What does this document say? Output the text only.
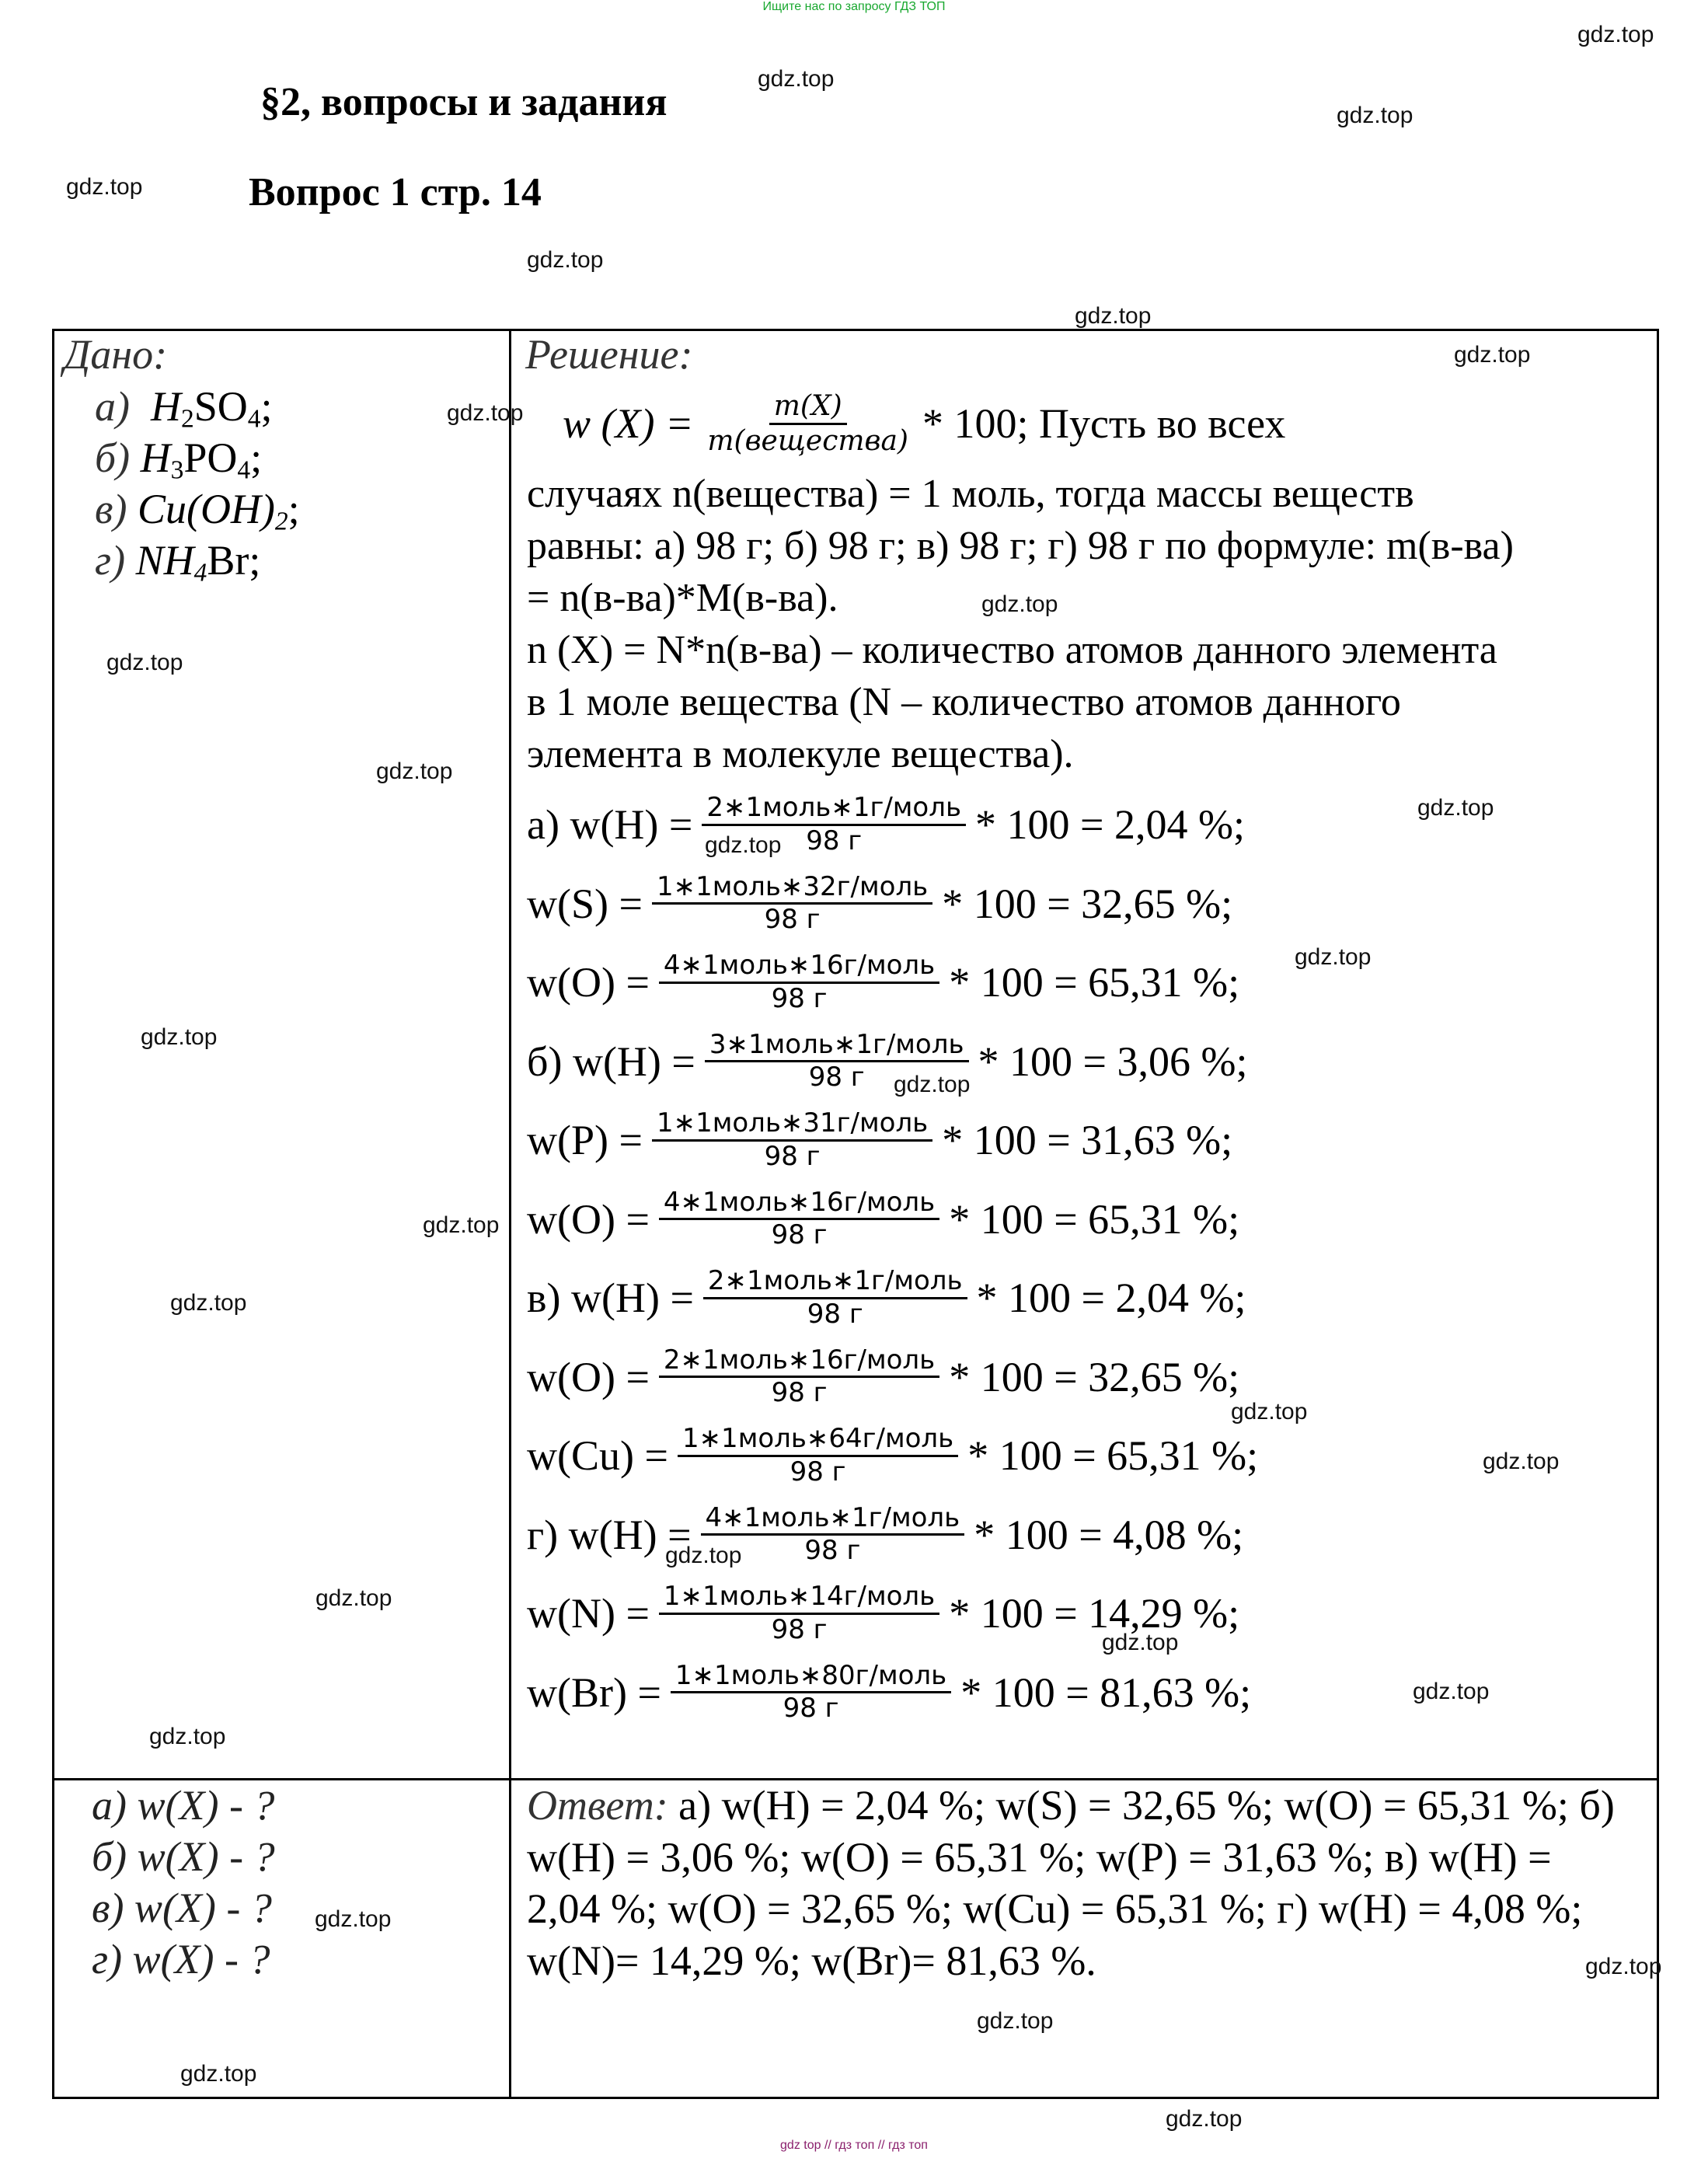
Ищите нас по запросу ГДЗ ТОП
§2, вопросы и задания
Вопрос 1 стр. 14
Дано:
а) $H_2SO_4$;
б) $H_3PO_4$;
в) $Cu(OH)_2$;
г) $NH_4Br$;
Решение:
w $(X) = \frac{m(X)}{\text{m(вещества)}} * 100$; Пусть во всех
случаях n(вещества) = 1 моль, тогда массы веществ
равны: а) 98 г; б) 98 г; в) 98 г; г) 98 г по формуле: m(в-ва)
= n(в-ва)*M(в-ва).
n (X) = N*n(в-ва) – количество атомов данного элемента
в 1 моле вещества (N – количество атомов данного
элемента в молекуле вещества).
а) $w(H) = \frac{\text{2∗1моль∗1г/моль}}{98 г} * 100 = 2,04$ %;
$w(S) = \frac{\text{1∗1моль∗32г/моль}}{98 г} * 100 = 32,65$ %;
$w(O) = \frac{\text{4∗1моль∗16г/моль}}{98 г} * 100 = 65,31$ %;
б) $w(H) = \frac{\text{3∗1моль∗1г/моль}}{98 г} * 100 = 3,06$ %;
$w(P) = \frac{\text{1∗1моль∗31г/моль}}{98 г} * 100 = 31,63$ %;
$w(O) = \frac{\text{4∗1моль∗16г/моль}}{98 г} * 100 = 65,31$ %;
в) $w(H) = \frac{\text{2∗1моль∗1г/моль}}{98 г} * 100 = 2,04$ %;
$w(O) = \frac{\text{2∗1моль∗16г/моль}}{98 г} * 100 = 32,65$ %;
$w(Cu) = \frac{\text{1∗1моль∗64г/моль}}{98 г} * 100 = 65,31$ %;
г) $w(H) = \frac{\text{4∗1моль∗1г/моль}}{98 г} * 100 = 4,08$ %;
$w(N) = \frac{\text{1∗1моль∗14г/моль}}{98 г} * 100 = 14,29$ %;
$w(Br) = \frac{\text{1∗1моль∗80г/моль}}{98 г} * 100 = 81,63$ %;
а) w(X) - ?
б) w(X) - ?
в) w(X) - ?
г) w(X) - ?
Ответ: а) w(H) = 2,04 %; w(S) = 32,65 %; w(O) = 65,31 %; б) w(H) = 3,06 %; w(O) = 65,31 %; w(P) = 31,63 %; в) w(H) = 2,04 %; w(O) = 32,65 %; w(Cu) = 65,31 %; г) w(H) = 4,08 %; w(N)= 14,29 %; w(Br)= 81,63 %.
gdz top // гдз топ // гдз топ
gdz.top
gdz.top
gdz.top
gdz.top
gdz.top
gdz.top
gdz.top
gdz.top
gdz.top
gdz.top
gdz.top
gdz.top
gdz.top
gdz.top
gdz.top
gdz.top
gdz.top
gdz.top
gdz.top
gdz.top
gdz.top
gdz.top
gdz.top
gdz.top
gdz.top
gdz.top
gdz.top
gdz.top
gdz.top
gdz.top
